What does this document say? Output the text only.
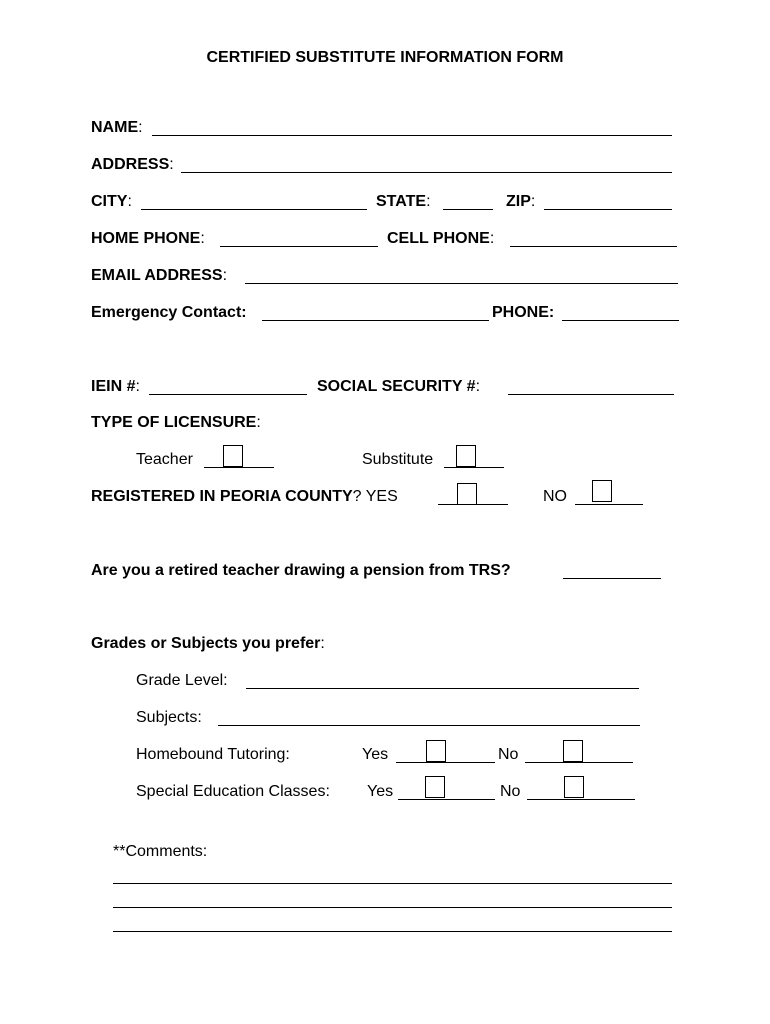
CERTIFIED SUBSTITUTE INFORMATION FORM
NAME:
ADDRESS:
CITY:	STATE:	ZIP:
HOME PHONE:	CELL PHONE:
EMAIL ADDRESS:
Emergency Contact:	PHONE:
IEIN #:	SOCIAL SECURITY #:
TYPE OF LICENSURE:
Teacher	Substitute
REGISTERED IN PEORIA COUNTY? YES	NO
Are you a retired teacher drawing a pension from TRS?
Grades or Subjects you prefer:
Grade Level:
Subjects:
Homebound Tutoring:	Yes	No
Special Education Classes: Yes	No
**Comments:
